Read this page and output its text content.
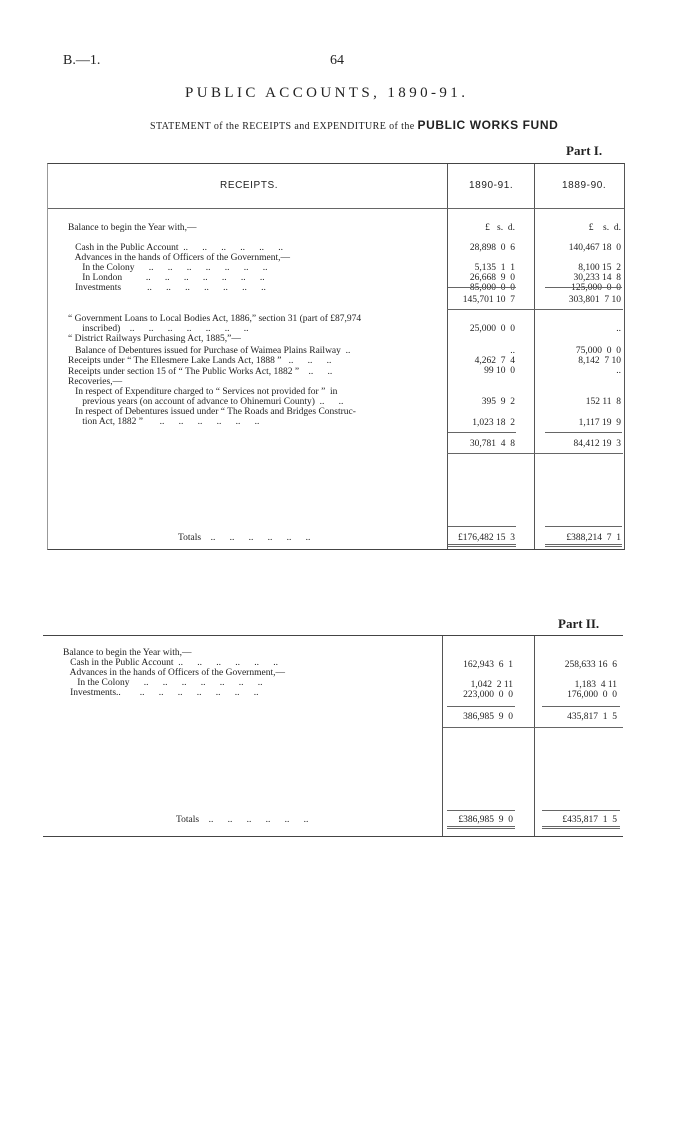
B.—1.	64
PUBLIC ACCOUNTS, 1890-91.
STATEMENT of the RECEIPTS and EXPENDITURE of the PUBLIC WORKS FUND
Part I.
RECEIPTS.	1890-91.	1889-90.
£   s.  d.	£    s.  d.
Balance to begin the Year with,—
Cash in the Public Account  ..      ..      ..      ..      ..      ..	28,898  0  6	140,467 18  0
Advances in the hands of Officers of the Government,—
In the Colony      ..      ..      ..      ..      ..      ..      ..	5,135  1  1	8,100 15  2
In London          ..      ..      ..      ..      ..      ..      ..	26,668  9  0	30,233 14  8
Investments           ..      ..      ..      ..      ..      ..      ..	85,000  0  0	125,000  0  0
145,701 10  7	303,801  7 10
“ Government Loans to Local Bodies Act, 1886,” section 31 (part of £87,974
inscribed)    ..      ..      ..      ..      ..      ..      ..	25,000  0  0	..
“ District Railways Purchasing Act, 1885,”—
Balance of Debentures issued for Purchase of Waimea Plains Railway  ..	..	75,000  0  0
Receipts under “ The Ellesmere Lake Lands Act, 1888 ”   ..      ..      ..	4,262  7  4	8,142  7 10
Receipts under section 15 of “ The Public Works Act, 1882 ”    ..      ..	99 10  0	..
Recoveries,—
In respect of Expenditure charged to “ Services not provided for ”  in
previous years (on account of advance to Ohinemuri County)  ..      ..	395  9  2	152 11  8
In respect of Debentures issued under “ The Roads and Bridges Construc-
tion Act, 1882 ”       ..      ..      ..      ..      ..      ..	1,023 18  2	1,117 19  9
30,781  4  8	84,412 19  3
Totals    ..      ..      ..      ..      ..      ..	£176,482 15  3	£388,214  7  1
Part II.
Balance to begin the Year with,—
Cash in the Public Account  ..      ..      ..      ..      ..      ..	162,943  6  1	258,633 16  6
Advances in the hands of Officers of the Government,—
In the Colony      ..      ..      ..      ..      ..      ..      ..	1,042  2 11	1,183  4 11
Investments..        ..      ..      ..      ..      ..      ..      ..	223,000  0  0	176,000  0  0
386,985  9  0	435,817  1  5
Totals    ..      ..      ..      ..      ..      ..	£386,985  9  0	£435,817  1  5
